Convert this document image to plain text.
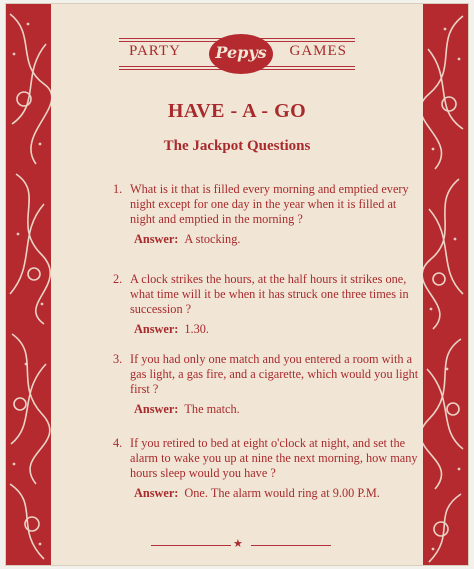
PARTY	Pepys	GAMES
HAVE - A - GO
The Jackpot Questions
1. What is it that is filled every morning and emptied every night except for one day in the year when it is filled at night and emptied in the morning ?
Answer: A stocking.
2. A clock strikes the hours, at the half hours it strikes one, what time will it be when it has struck one three times in succession ?
Answer: 1.30.
3. If you had only one match and you entered a room with a gas light, a gas fire, and a cigarette, which would you light first ?
Answer: The match.
4. If you retired to bed at eight o'clock at night, and set the alarm to wake you up at nine the next morning, how many hours sleep would you have ?
Answer: One. The alarm would ring at 9.00 P.M.
★
